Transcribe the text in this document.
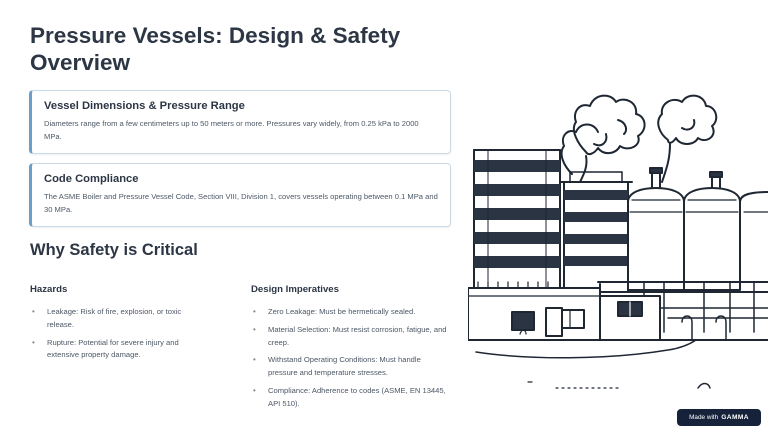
Pressure Vessels: Design & Safety Overview
Vessel Dimensions & Pressure Range

Diameters range from a few centimeters up to 50 meters or more. Pressures vary widely, from 0.25 kPa to 2000 MPa.

Code Compliance

The ASME Boiler and Pressure Vessel Code, Section VIII, Division 1, covers vessels operating between 0.1 MPa and 30 MPa.

Why Safety is Critical
Hazards
• Leakage: Risk of fire, explosion, or toxic release.
• Rupture: Potential for severe injury and extensive property damage.
Design Imperatives
• Zero Leakage: Must be hermetically sealed.
• Material Selection: Must resist corrosion, fatigue, and creep.
• Withstand Operating Conditions: Must handle pressure and temperature stresses.
• Compliance: Adherence to codes (ASME, EN 13445, API 510).
Made with GAMMA
